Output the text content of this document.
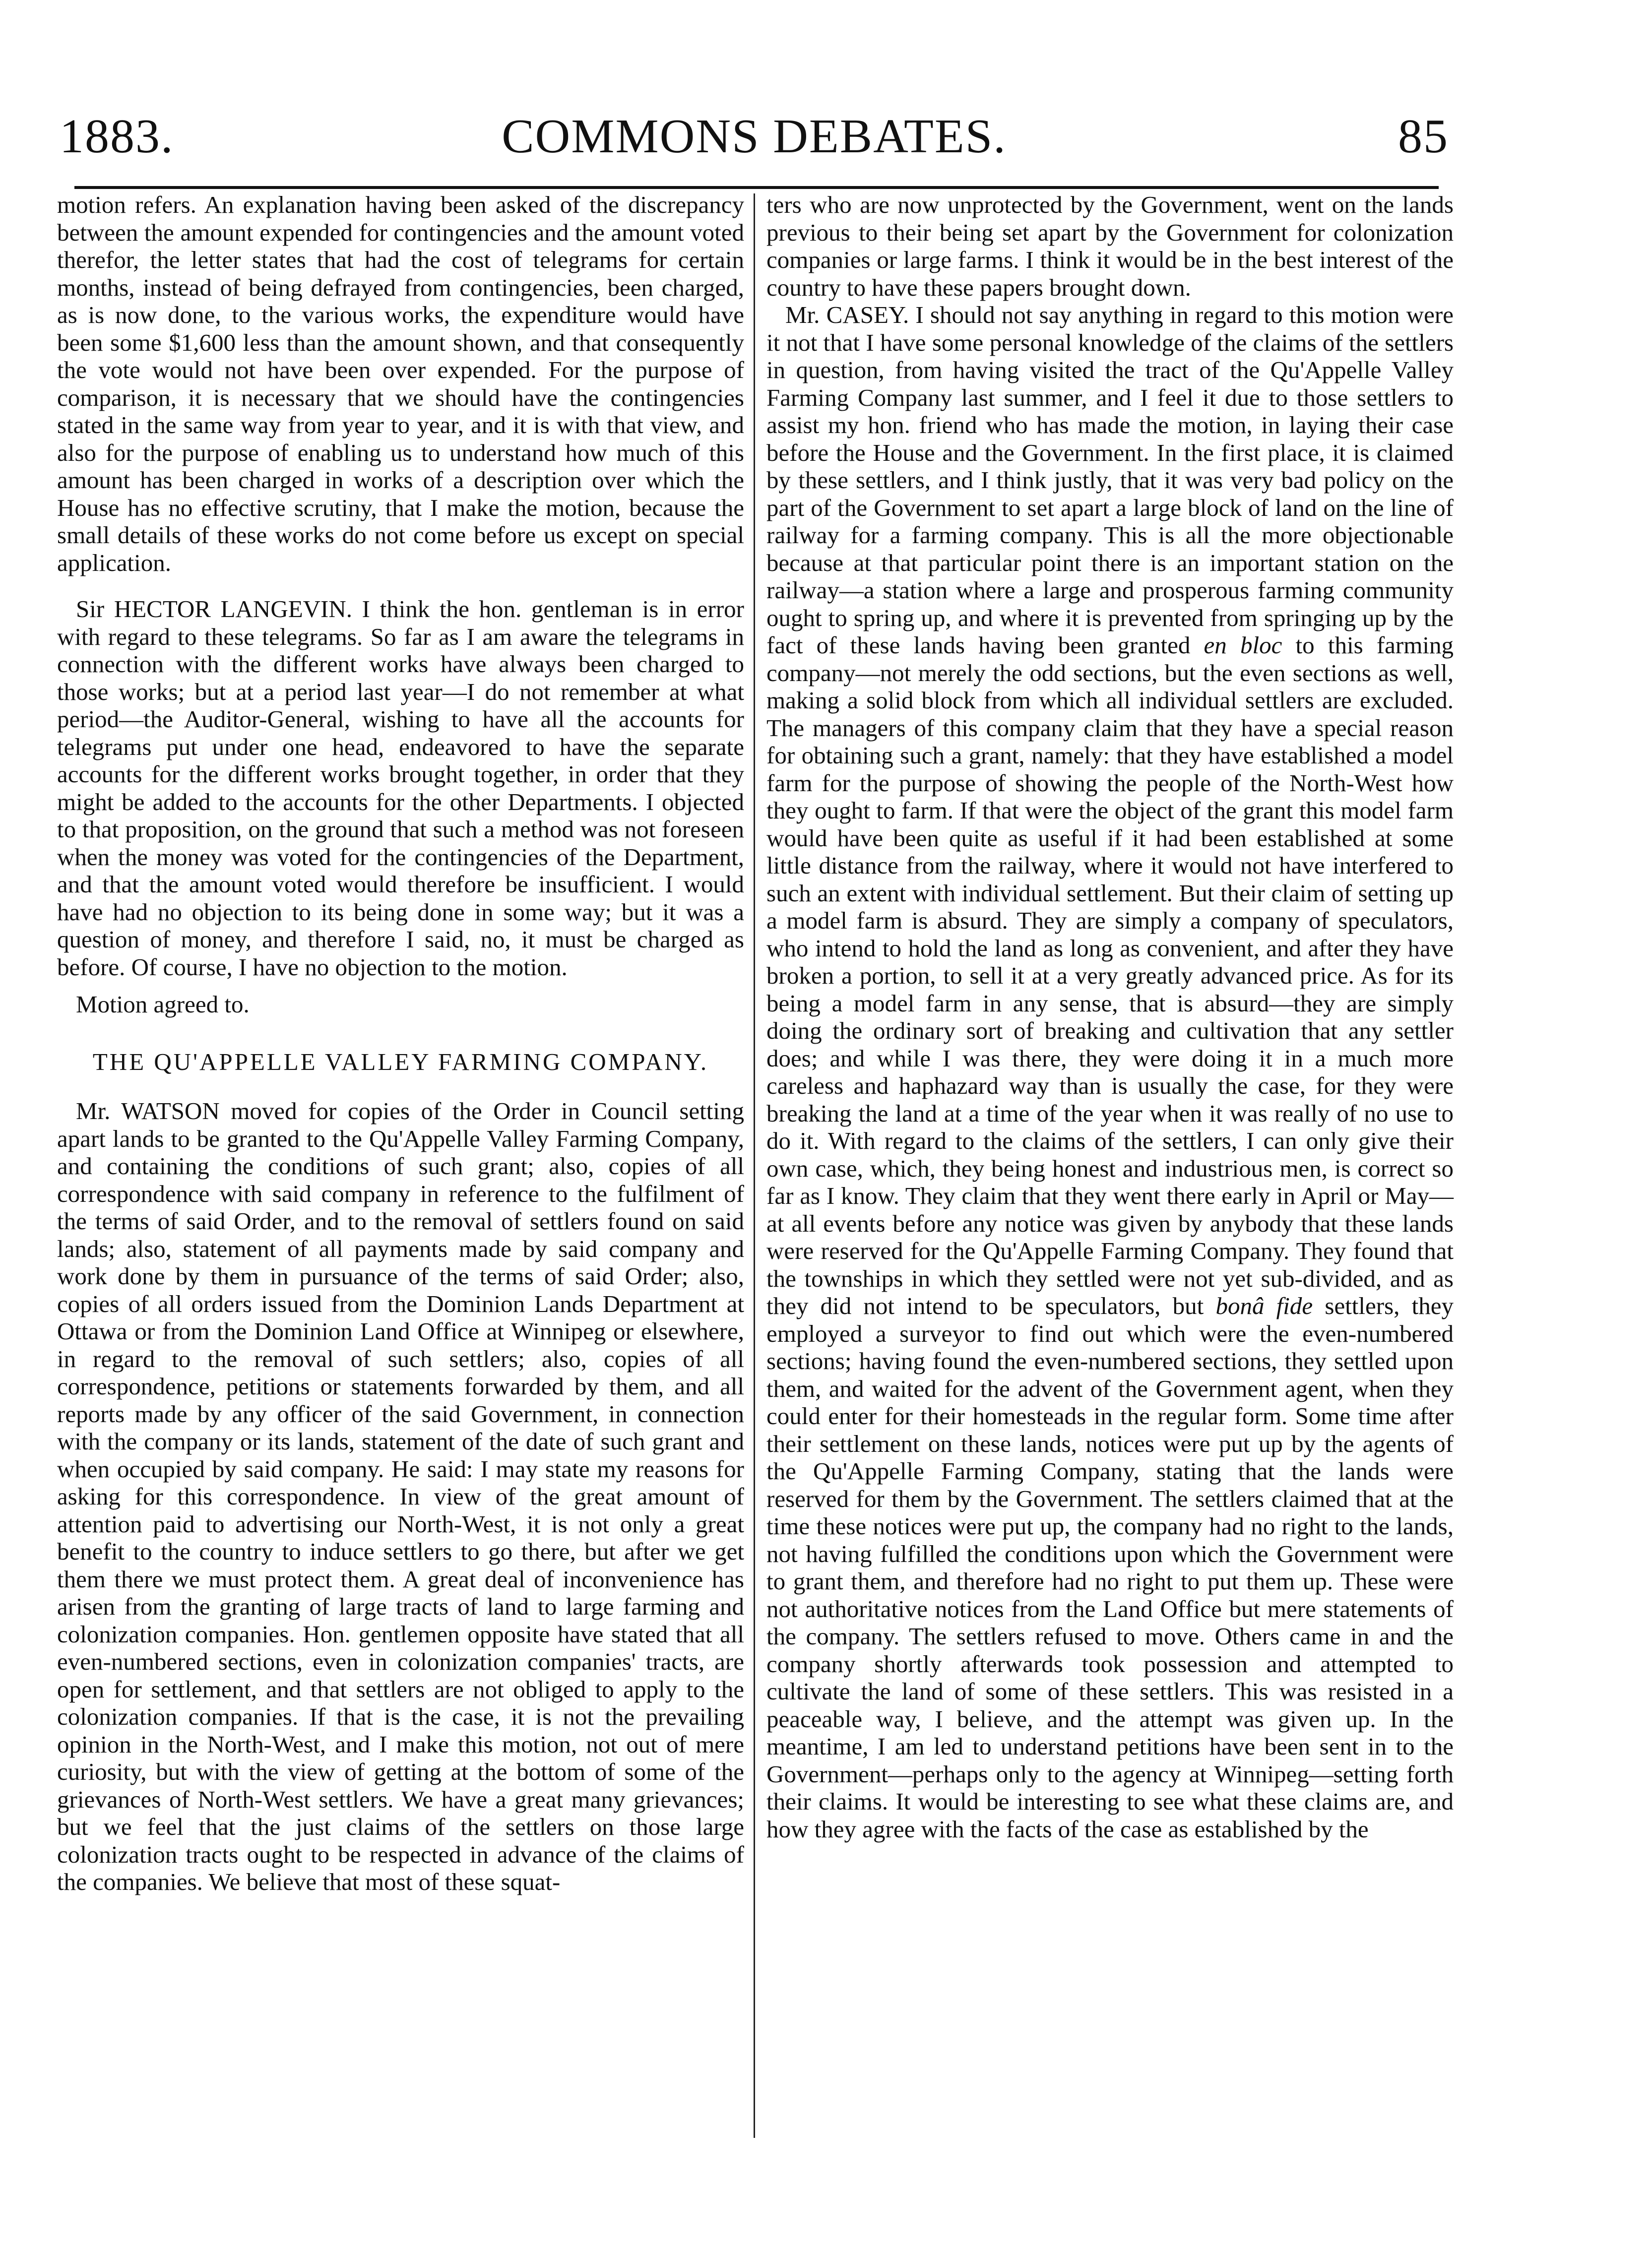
1883.	COMMONS DEBATES.	85

motion refers. An explanation having been asked of the discrepancy between the amount expended for contingencies and the amount voted therefor, the letter states that had the cost of telegrams for certain months, instead of being defrayed from contingencies, been charged, as is now done, to the various works, the expenditure would have been some $1,600 less than the amount shown, and that consequently the vote would not have been over expended. For the purpose of comparison, it is necessary that we should have the contingencies stated in the same way from year to year, and it is with that view, and also for the purpose of enabling us to understand how much of this amount has been charged in works of a description over which the House has no effective scrutiny, that I make the motion, because the small details of these works do not come before us except on special application.

Sir HECTOR LANGEVIN. I think the hon. gentleman is in error with regard to these telegrams. So far as I am aware the telegrams in connection with the different works have always been charged to those works; but at a period last year—I do not remember at what period—the Auditor-General, wishing to have all the accounts for telegrams put under one head, endeavored to have the separate accounts for the different works brought together, in order that they might be added to the accounts for the other Departments. I objected to that proposition, on the ground that such a method was not foreseen when the money was voted for the contingencies of the Department, and that the amount voted would therefore be insufficient. I would have had no objection to its being done in some way; but it was a question of money, and therefore I said, no, it must be charged as before. Of course, I have no objection to the motion.

Motion agreed to.

THE QU'APPELLE VALLEY FARMING COMPANY.

Mr. WATSON moved for copies of the Order in Council setting apart lands to be granted to the Qu'Appelle Valley Farming Company, and containing the conditions of such grant; also, copies of all correspondence with said company in reference to the fulfilment of the terms of said Order, and to the removal of settlers found on said lands; also, statement of all payments made by said company and work done by them in pursuance of the terms of said Order; also, copies of all orders issued from the Dominion Lands Department at Ottawa or from the Dominion Land Office at Winnipeg or elsewhere, in regard to the removal of such settlers; also, copies of all correspondence, petitions or statements forwarded by them, and all reports made by any officer of the said Government, in connection with the company or its lands, statement of the date of such grant and when occupied by said company. He said: I may state my reasons for asking for this correspondence. In view of the great amount of attention paid to advertising our North-West, it is not only a great benefit to the country to induce settlers to go there, but after we get them there we must protect them. A great deal of inconvenience has arisen from the granting of large tracts of land to large farming and colonization companies. Hon. gentlemen opposite have stated that all even-numbered sections, even in colonization companies' tracts, are open for settlement, and that settlers are not obliged to apply to the colonization companies. If that is the case, it is not the prevailing opinion in the North-West, and I make this motion, not out of mere curiosity, but with the view of getting at the bottom of some of the grievances of North-West settlers. We have a great many grievances; but we feel that the just claims of the settlers on those large colonization tracts ought to be respected in advance of the claims of the companies. We believe that most of these squat-

ters who are now unprotected by the Government, went on the lands previous to their being set apart by the Government for colonization companies or large farms. I think it would be in the best interest of the country to have these papers brought down.

Mr. CASEY. I should not say anything in regard to this motion were it not that I have some personal knowledge of the claims of the settlers in question, from having visited the tract of the Qu'Appelle Valley Farming Company last summer, and I feel it due to those settlers to assist my hon. friend who has made the motion, in laying their case before the House and the Government. In the first place, it is claimed by these settlers, and I think justly, that it was very bad policy on the part of the Government to set apart a large block of land on the line of railway for a farming company. This is all the more objectionable because at that particular point there is an important station on the railway—a station where a large and prosperous farming community ought to spring up, and where it is prevented from springing up by the fact of these lands having been granted en bloc to this farming company—not merely the odd sections, but the even sections as well, making a solid block from which all individual settlers are excluded. The managers of this company claim that they have a special reason for obtaining such a grant, namely: that they have established a model farm for the purpose of showing the people of the North-West how they ought to farm. If that were the object of the grant this model farm would have been quite as useful if it had been established at some little distance from the railway, where it would not have interfered to such an extent with individual settlement. But their claim of setting up a model farm is absurd. They are simply a company of speculators, who intend to hold the land as long as convenient, and after they have broken a portion, to sell it at a very greatly advanced price. As for its being a model farm in any sense, that is absurd—they are simply doing the ordinary sort of breaking and cultivation that any settler does; and while I was there, they were doing it in a much more careless and haphazard way than is usually the case, for they were breaking the land at a time of the year when it was really of no use to do it. With regard to the claims of the settlers, I can only give their own case, which, they being honest and industrious men, is correct so far as I know. They claim that they went there early in April or May—at all events before any notice was given by anybody that these lands were reserved for the Qu'Appelle Farming Company. They found that the townships in which they settled were not yet sub-divided, and as they did not intend to be speculators, but bonâ fide settlers, they employed a surveyor to find out which were the even-numbered sections; having found the even-numbered sections, they settled upon them, and waited for the advent of the Government agent, when they could enter for their homesteads in the regular form. Some time after their settlement on these lands, notices were put up by the agents of the Qu'Appelle Farming Company, stating that the lands were reserved for them by the Government. The settlers claimed that at the time these notices were put up, the company had no right to the lands, not having fulfilled the conditions upon which the Government were to grant them, and therefore had no right to put them up. These were not authoritative notices from the Land Office but mere statements of the company. The settlers refused to move. Others came in and the company shortly afterwards took possession and attempted to cultivate the land of some of these settlers. This was resisted in a peaceable way, I believe, and the attempt was given up. In the meantime, I am led to understand petitions have been sent in to the Government—perhaps only to the agency at Winnipeg—setting forth their claims. It would be interesting to see what these claims are, and how they agree with the facts of the case as established by the
